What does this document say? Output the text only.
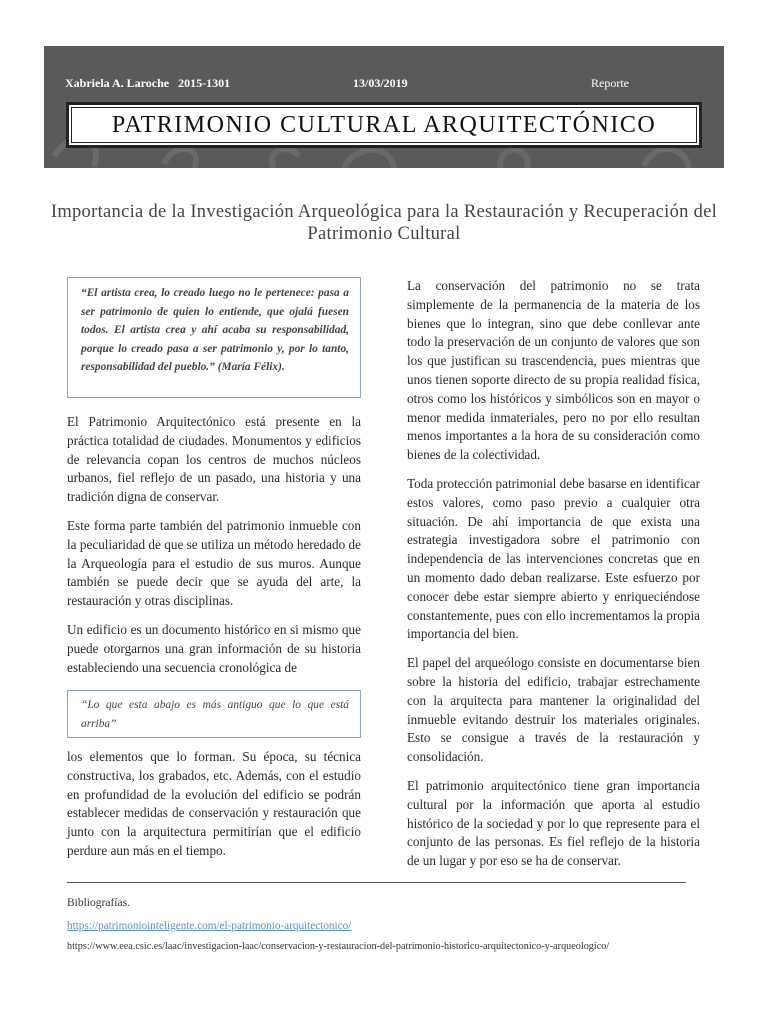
Xabriela A. Laroche 2015-1301	13/03/2019	Reporte
PATRIMONIO CULTURAL ARQUITECTÓNICO
Importancia de la Investigación Arqueológica para la Restauración y Recuperación del Patrimonio Cultural
“El artista crea, lo creado luego no le pertenece: pasa a ser patrimonio de quien lo entiende, que ojalá fuesen todos. El artista crea y ahí acaba su responsabilidad, porque lo creado pasa a ser patrimonio y, por lo tanto, responsabilidad del pueblo.” (María Félix).

El Patrimonio Arquitectónico está presente en la práctica totalidad de ciudades. Monumentos y edificios de relevancia copan los centros de muchos núcleos urbanos, fiel reflejo de un pasado, una historia y una tradición digna de conservar.

Este forma parte también del patrimonio inmueble con la peculiaridad de que se utiliza un método heredado de la Arqueología para el estudio de sus muros. Aunque también se puede decir que se ayuda del arte, la restauración y otras disciplinas.

Un edificio es un documento histórico en si mismo que puede otorgarnos una gran información de su historia estableciendo una secuencia cronológica de

“Lo que esta abajo es más antiguo que lo que está arriba”

los elementos que lo forman. Su época, su técnica constructiva, los grabados, etc. Además, con el estudio en profundidad de la evolución del edificio se podrán establecer medidas de conservación y restauración que junto con la arquitectura permitirían que el edificio perdure aun más en el tiempo.

La conservación del patrimonio no se trata simplemente de la permanencia de la materia de los bienes que lo integran, sino que debe conllevar ante todo la preservación de un conjunto de valores que son los que justifican su trascendencia, pues mientras que unos tienen soporte directo de su propia realidad física, otros como los históricos y simbólicos son en mayor o menor medida inmateriales, pero no por ello resultan menos importantes a la hora de su consideración como bienes de la colectividad.

Toda protección patrimonial debe basarse en identificar estos valores, como paso previo a cualquier otra situación. De ahí importancia de que exista una estrategia investigadora sobre el patrimonio con independencia de las intervenciones concretas que en un momento dado deban realizarse. Este esfuerzo por conocer debe estar siempre abierto y enriqueciéndose constantemente, pues con ello incrementamos la propia importancia del bien.

El papel del arqueólogo consiste en documentarse bien sobre la historia del edificio, trabajar estrechamente con la arquitecta para mantener la originalidad del inmueble evitando destruir los materiales originales. Esto se consigue a través de la restauración y consolidación.

El patrimonio arquitectónico tiene gran importancia cultural por la información que aporta al estudio histórico de la sociedad y por lo que represente para el conjunto de las personas. Es fiel reflejo de la historia de un lugar y por eso se ha de conservar.

Bibliografías.
https://patrimoniointeligente.com/el-patrimonio-arquitectonico/
https://www.eea.csic.es/laac/investigacion-laac/conservacion-y-restauracion-del-patrimonio-historico-arquitectonico-y-arqueologico/
